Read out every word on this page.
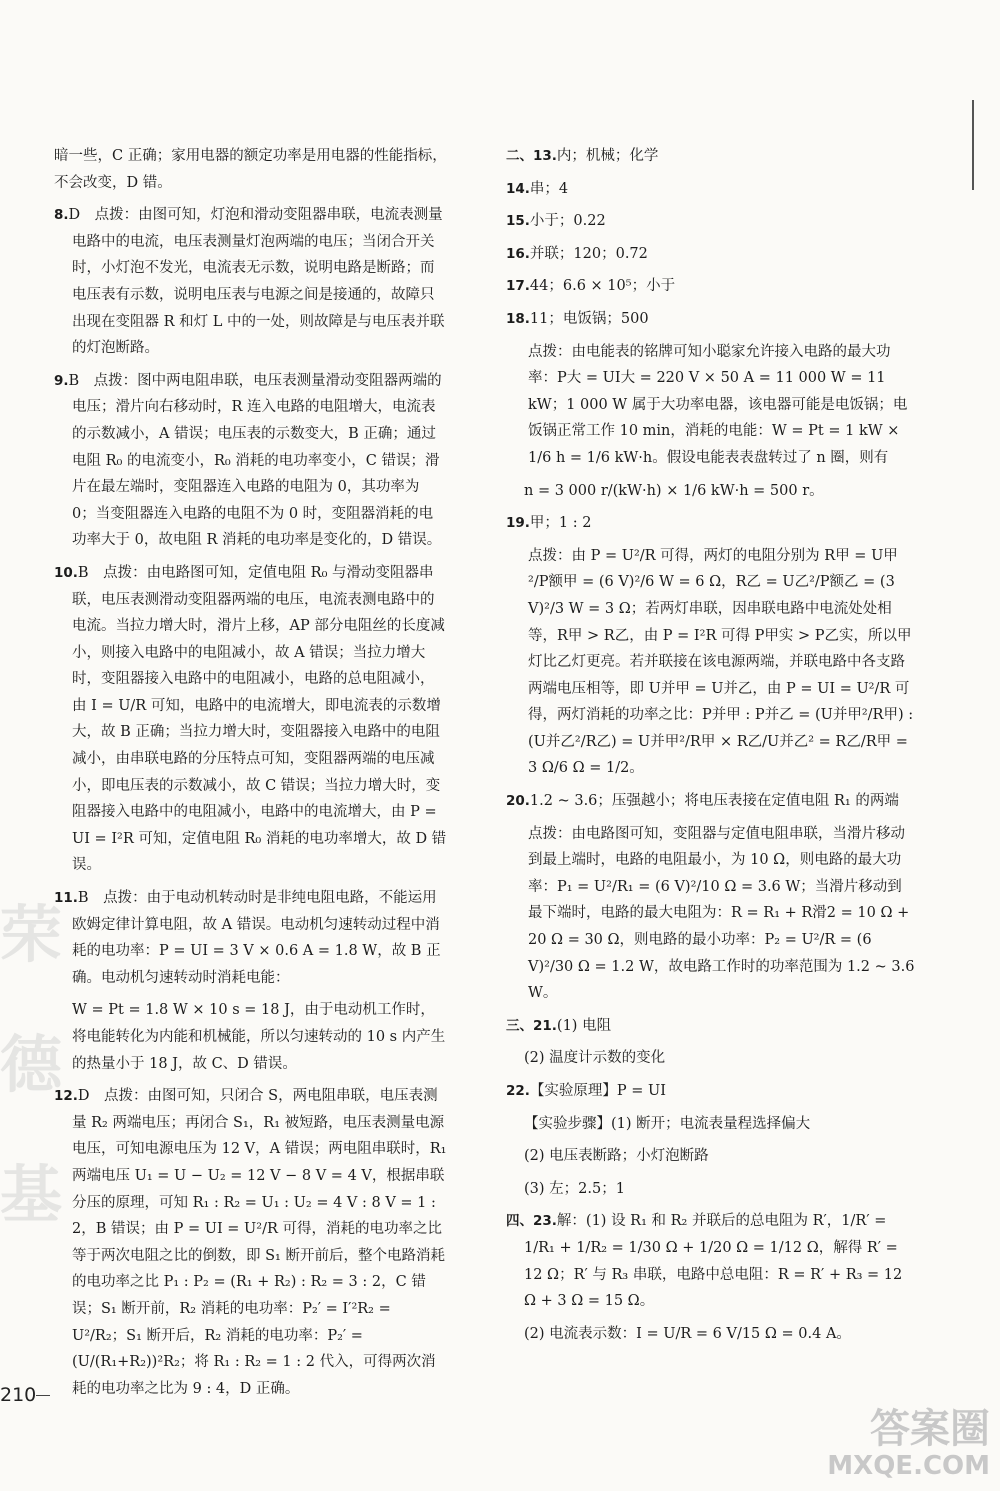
荣德基
暗一些，C 正确；家用电器的额定功率是用电器的性能指标，不会改变，D 错。
8.D　点拨：由图可知，灯泡和滑动变阻器串联，电流表测量电路中的电流，电压表测量灯泡两端的电压；当闭合开关时，小灯泡不发光，电流表无示数，说明电路是断路；而电压表有示数，说明电压表与电源之间是接通的，故障只出现在变阻器 R 和灯 L 中的一处，则故障是与电压表并联的灯泡断路。
9.B　点拨：图中两电阻串联，电压表测量滑动变阻器两端的电压；滑片向右移动时，R 连入电路的电阻增大，电流表的示数减小，A 错误；电压表的示数变大，B 正确；通过电阻 R₀ 的电流变小，R₀ 消耗的电功率变小，C 错误；滑片在最左端时，变阻器连入电路的电阻为 0，其功率为 0；当变阻器连入电路的电阻不为 0 时，变阻器消耗的电功率大于 0，故电阻 R 消耗的电功率是变化的，D 错误。
10.B　点拨：由电路图可知，定值电阻 R₀ 与滑动变阻器串联，电压表测滑动变阻器两端的电压，电流表测电路中的电流。当拉力增大时，滑片上移，AP 部分电阻丝的长度减小，则接入电路中的电阻减小，故 A 错误；当拉力增大时，变阻器接入电路中的电阻减小，电路的总电阻减小，由 I = U/R 可知，电路中的电流增大，即电流表的示数增大，故 B 正确；当拉力增大时，变阻器接入电路中的电阻减小，由串联电路的分压特点可知，变阻器两端的电压减小，即电压表的示数减小，故 C 错误；当拉力增大时，变阻器接入电路中的电阻减小，电路中的电流增大，由 P = UI = I²R 可知，定值电阻 R₀ 消耗的电功率增大，故 D 错误。
11.B　点拨：由于电动机转动时是非纯电阻电路，不能运用欧姆定律计算电阻，故 A 错误。电动机匀速转动过程中消耗的电功率：P = UI = 3 V × 0.6 A = 1.8 W，故 B 正确。电动机匀速转动时消耗电能：
W = Pt = 1.8 W × 10 s = 18 J，由于电动机工作时，将电能转化为内能和机械能，所以匀速转动的 10 s 内产生的热量小于 18 J，故 C、D 错误。
12.D　点拨：由图可知，只闭合 S，两电阻串联，电压表测量 R₂ 两端电压；再闭合 S₁，R₁ 被短路，电压表测量电源电压，可知电源电压为 12 V，A 错误；两电阻串联时，R₁ 两端电压 U₁ = U − U₂ = 12 V − 8 V = 4 V，根据串联分压的原理，可知 R₁ : R₂ = U₁ : U₂ = 4 V : 8 V = 1 : 2，B 错误；由 P = UI = U²/R 可得，消耗的电功率之比等于两次电阻之比的倒数，即 S₁ 断开前后，整个电路消耗的电功率之比 P₁ : P₂ = (R₁ + R₂) : R₂ = 3 : 2，C 错误；S₁ 断开前，R₂ 消耗的电功率：P₂′ = I′²R₂ = U²/R₂；S₁ 断开后，R₂ 消耗的电功率：P₂′ = (U/(R₁+R₂))²R₂；将 R₁ : R₂ = 1 : 2 代入，可得两次消耗的电功率之比为 9 : 4，D 正确。
二、13.内；机械；化学
14.串；4
15.小于；0.22
16.并联；120；0.72
17.44；6.6 × 10⁵；小于
18.11；电饭锅；500
点拨：由电能表的铭牌可知小聪家允许接入电路的最大功率：P大 = UI大 = 220 V × 50 A = 11 000 W = 11 kW；1 000 W 属于大功率电器，该电器可能是电饭锅；电饭锅正常工作 10 min，消耗的电能：W = Pt = 1 kW × 1/6 h = 1/6 kW·h。假设电能表表盘转过了 n 圈，则有
n = 3 000 r/(kW·h) × 1/6 kW·h = 500 r。
19.甲；1 : 2
点拨：由 P = U²/R 可得，两灯的电阻分别为 R甲 = U甲²/P额甲 = (6 V)²/6 W = 6 Ω，R乙 = U乙²/P额乙 = (3 V)²/3 W = 3 Ω；若两灯串联，因串联电路中电流处处相等，R甲 > R乙，由 P = I²R 可得 P甲实 > P乙实，所以甲灯比乙灯更亮。若并联接在该电源两端，并联电路中各支路两端电压相等，即 U并甲 = U并乙，由 P = UI = U²/R 可得，两灯消耗的功率之比：P并甲 : P并乙 = (U并甲²/R甲) : (U并乙²/R乙) = U并甲²/R甲 × R乙/U并乙² = R乙/R甲 = 3 Ω/6 Ω = 1/2。
20.1.2 ~ 3.6；压强越小；将电压表接在定值电阻 R₁ 的两端
点拨：由电路图可知，变阻器与定值电阻串联，当滑片移动到最上端时，电路的电阻最小，为 10 Ω，则电路的最大功率：P₁ = U²/R₁ = (6 V)²/10 Ω = 3.6 W；当滑片移动到最下端时，电路的最大电阻为：R = R₁ + R滑2 = 10 Ω + 20 Ω = 30 Ω，则电路的最小功率：P₂ = U²/R = (6 V)²/30 Ω = 1.2 W，故电路工作时的功率范围为 1.2 ~ 3.6 W。
三、21.(1) 电阻
(2) 温度计示数的变化
22.【实验原理】P = UI
【实验步骤】(1) 断开；电流表量程选择偏大
(2) 电压表断路；小灯泡断路
(3) 左；2.5；1
四、23.解：(1) 设 R₁ 和 R₂ 并联后的总电阻为 R′，1/R′ = 1/R₁ + 1/R₂ = 1/30 Ω + 1/20 Ω = 1/12 Ω，解得 R′ = 12 Ω；R′ 与 R₃ 串联，电路中总电阻：R = R′ + R₃ = 12 Ω + 3 Ω = 15 Ω。
(2) 电流表示数：I = U/R = 6 V/15 Ω = 0.4 A。
210
答案圈
MXQE.COM
